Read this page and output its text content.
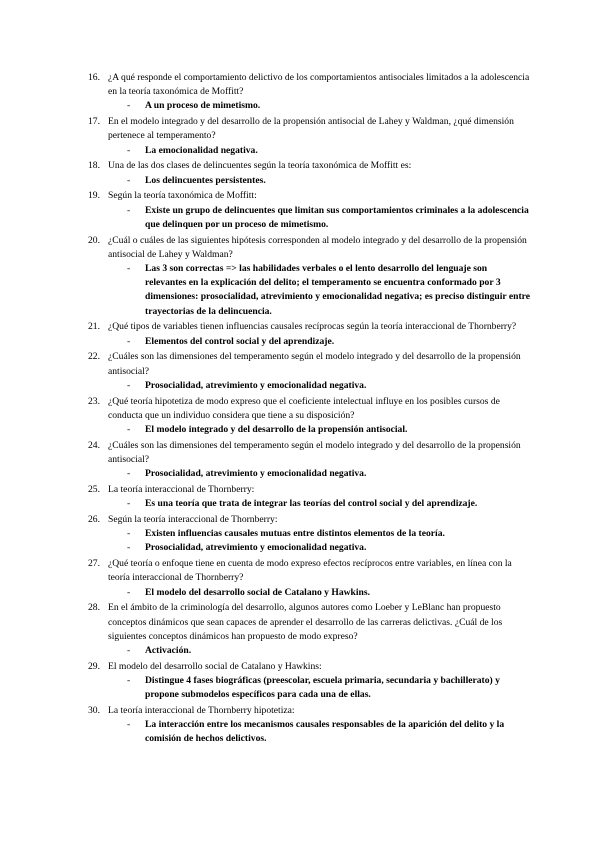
16. ¿A qué responde el comportamiento delictivo de los comportamientos antisociales limitados a la adolescencia en la teoría taxonómica de Moffitt?

- A un proceso de mimetismo.

17. En el modelo integrado y del desarrollo de la propensión antisocial de Lahey y Waldman, ¿qué dimensión pertenece al temperamento?

- La emocionalidad negativa.

18. Una de las dos clases de delincuentes según la teoría taxonómica de Moffitt es:

- Los delincuentes persistentes.

19. Según la teoría taxonómica de Moffitt:

- Existe un grupo de delincuentes que limitan sus comportamientos criminales a la adolescencia que delinquen por un proceso de mimetismo.

20. ¿Cuál o cuáles de las siguientes hipótesis corresponden al modelo integrado y del desarrollo de la propensión antisocial de Lahey y Waldman?

- Las 3 son correctas => las habilidades verbales o el lento desarrollo del lenguaje son relevantes en la explicación del delito; el temperamento se encuentra conformado por 3 dimensiones: prosocialidad, atrevimiento y emocionalidad negativa; es preciso distinguir entre trayectorias de la delincuencia.

21. ¿Qué tipos de variables tienen influencias causales recíprocas según la teoría interaccional de Thornberry?

- Elementos del control social y del aprendizaje.

22. ¿Cuáles son las dimensiones del temperamento según el modelo integrado y del desarrollo de la propensión antisocial?

- Prosocialidad, atrevimiento y emocionalidad negativa.

23. ¿Qué teoría hipotetiza de modo expreso que el coeficiente intelectual influye en los posibles cursos de conducta que un individuo considera que tiene a su disposición?

- El modelo integrado y del desarrollo de la propensión antisocial.

24. ¿Cuáles son las dimensiones del temperamento según el modelo integrado y del desarrollo de la propensión antisocial?

- Prosocialidad, atrevimiento y emocionalidad negativa.

25. La teoría interaccional de Thornberry:

- Es una teoría que trata de integrar las teorías del control social y del aprendizaje.

26. Según la teoría interaccional de Thornberry:

- Existen influencias causales mutuas entre distintos elementos de la teoría.
- Prosocialidad, atrevimiento y emocionalidad negativa.

27. ¿Qué teoría o enfoque tiene en cuenta de modo expreso efectos recíprocos entre variables, en línea con la teoría interaccional de Thornberry?

- El modelo del desarrollo social de Catalano y Hawkins.

28. En el ámbito de la criminología del desarrollo, algunos autores como Loeber y LeBlanc han propuesto conceptos dinámicos que sean capaces de aprender el desarrollo de las carreras delictivas. ¿Cuál de los siguientes conceptos dinámicos han propuesto de modo expreso?

- Activación.

29. El modelo del desarrollo social de Catalano y Hawkins:

- Distingue 4 fases biográficas (preescolar, escuela primaria, secundaria y bachillerato) y propone submodelos específicos para cada una de ellas.

30. La teoría interaccional de Thornberry hipotetiza:

- La interacción entre los mecanismos causales responsables de la aparición del delito y la comisión de hechos delictivos.
